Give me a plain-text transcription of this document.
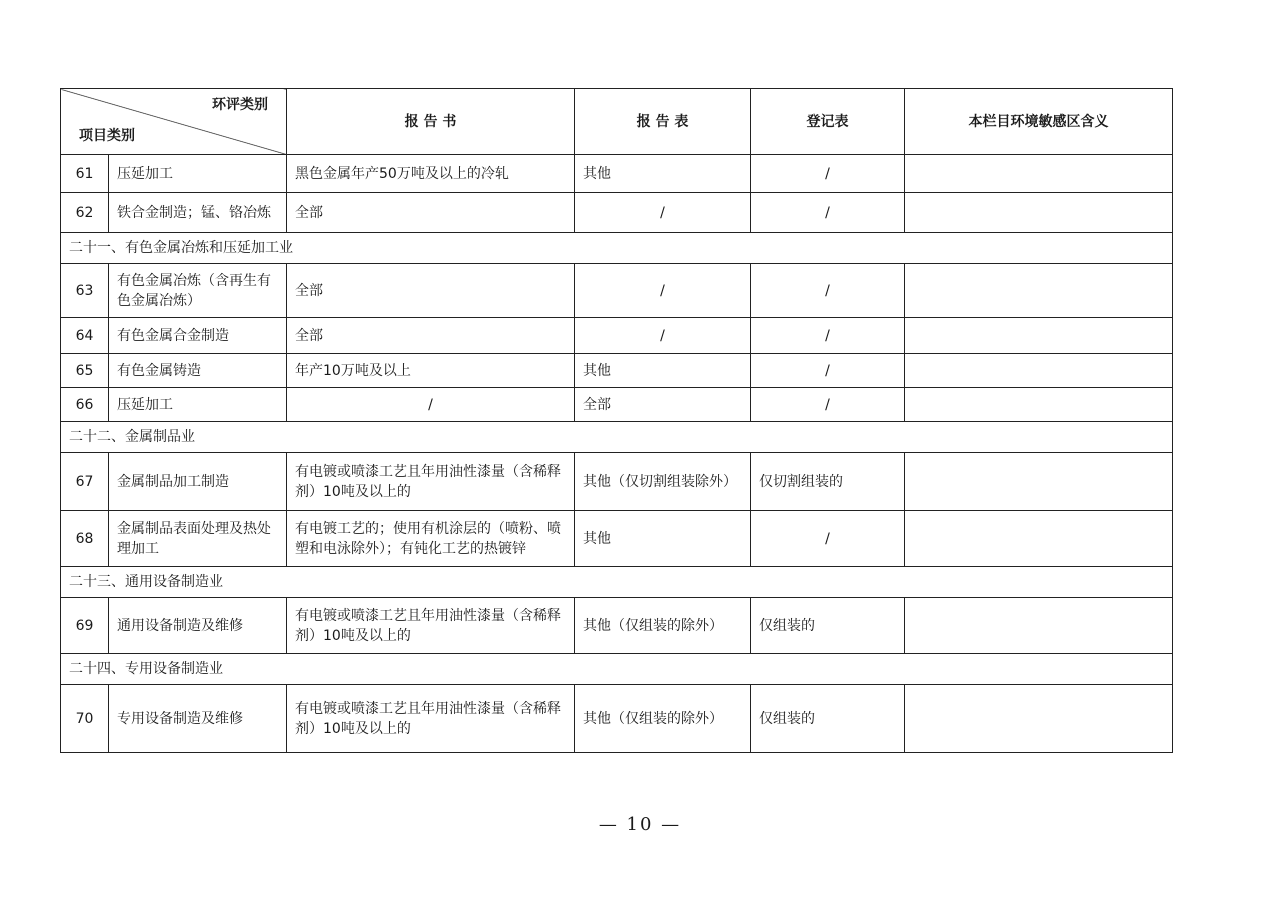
环评类别
项目类别		报 告 书	报 告 表	登记表	本栏目环境敏感区含义
61	压延加工	黑色金属年产50万吨及以上的冷轧	其他	/	
62	铁合金制造；锰、铬冶炼	全部	/	/	
二十一、有色金属冶炼和压延加工业					
63	有色金属冶炼（含再生有色金属冶炼）	全部	/	/	
64	有色金属合金制造	全部	/	/	
65	有色金属铸造	年产10万吨及以上	其他	/	
66	压延加工	/	全部	/	
二十二、金属制品业					
67	金属制品加工制造	有电镀或喷漆工艺且年用油性漆量（含稀释剂）10吨及以上的	其他（仅切割组装除外）	仅切割组装的	
68	金属制品表面处理及热处理加工	有电镀工艺的；使用有机涂层的（喷粉、喷塑和电泳除外）；有钝化工艺的热镀锌	其他	/	
二十三、通用设备制造业					
69	通用设备制造及维修	有电镀或喷漆工艺且年用油性漆量（含稀释剂）10吨及以上的	其他（仅组装的除外）	仅组装的	
二十四、专用设备制造业					
70	专用设备制造及维修	有电镀或喷漆工艺且年用油性漆量（含稀释剂）10吨及以上的	其他（仅组装的除外）	仅组装的	
— 10 —
